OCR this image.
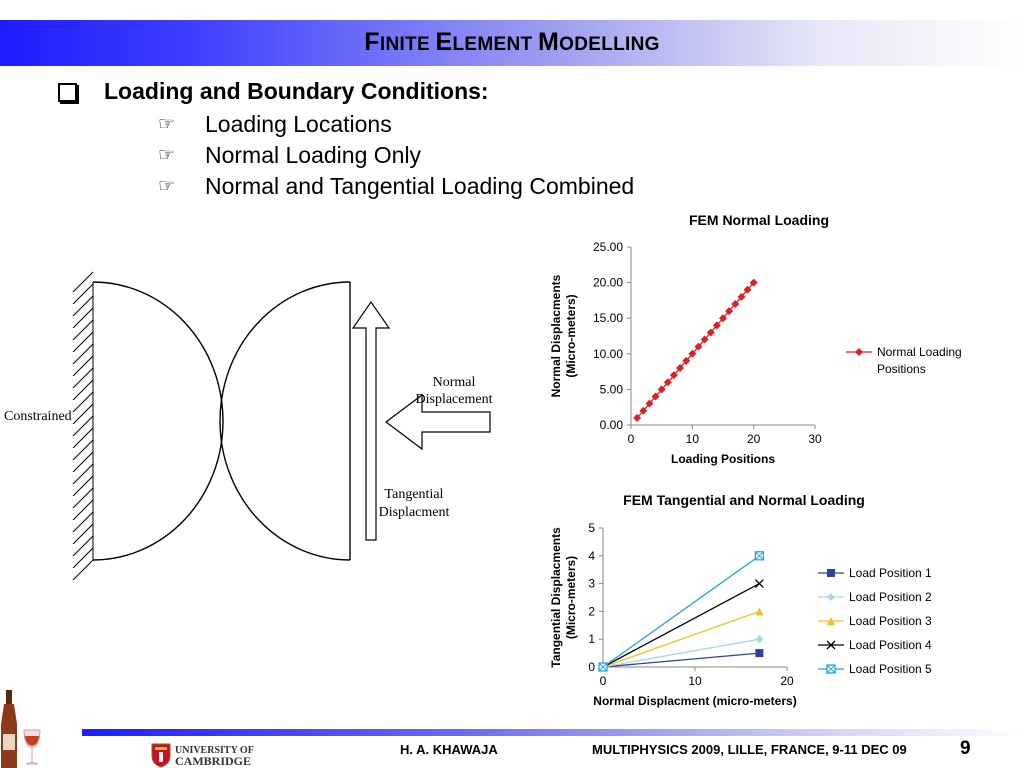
FINITE ELEMENT MODELLING
Loading and Boundary Conditions:
☞ Loading Locations
☞ Normal Loading Only
☞ Normal and Tangential Loading Combined
Constrained
Normal
Displacement
Tangential
Displacment
FEM Normal Loading
0.00
5.00
10.00
15.00
20.00
25.00
0	10	20	30
Loading Positions
Normal Displacments (Micro-meters)	Normal Loading
Positions
FEM Tangential and Normal Loading
0
1
2
3
4
5
0	10	20
Normal Displacment (micro-meters)
Tangential Displacments (Micro-meters)	Load Position 1
Load Position 2
Load Position 3
Load Position 4
Load Position 5
UNIVERSITY OF
CAMBRIDGE
H. A. KHAWAJA	MULTIPHYSICS 2009, LILLE, FRANCE, 9-11 DEC 09	9
